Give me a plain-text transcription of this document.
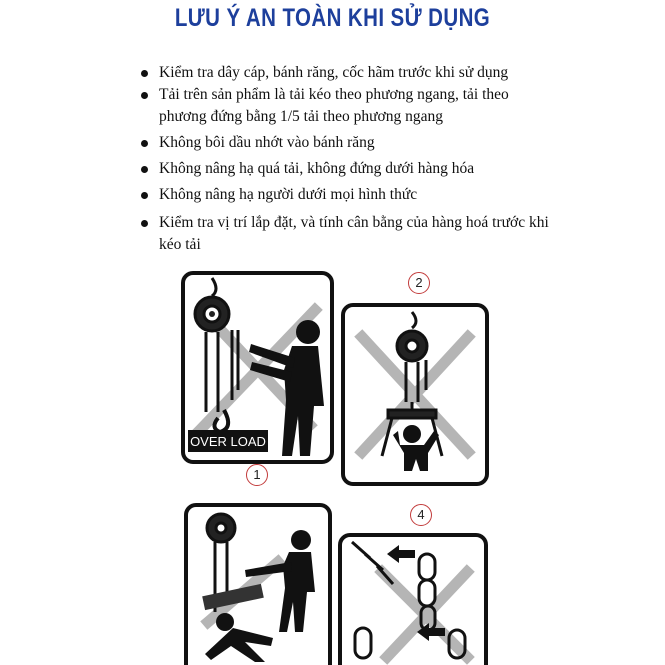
LƯU Ý AN TOÀN KHI SỬ DỤNG
Kiểm tra dây cáp, bánh răng, cốc hãm trước khi sử dụng
Tải trên sản phẩm là tải kéo theo phương ngang, tải theo phương đứng bằng 1/5 tải theo phương ngang
Không bôi dầu nhớt vào bánh răng
Không nâng hạ quá tải, không đứng dưới hàng hóa
Không nâng hạ người dưới mọi hình thức
Kiểm tra vị trí lắp đặt, và tính cân bằng của hàng hoá trước khi kéo tải
OVER LOAD
1
2
4
